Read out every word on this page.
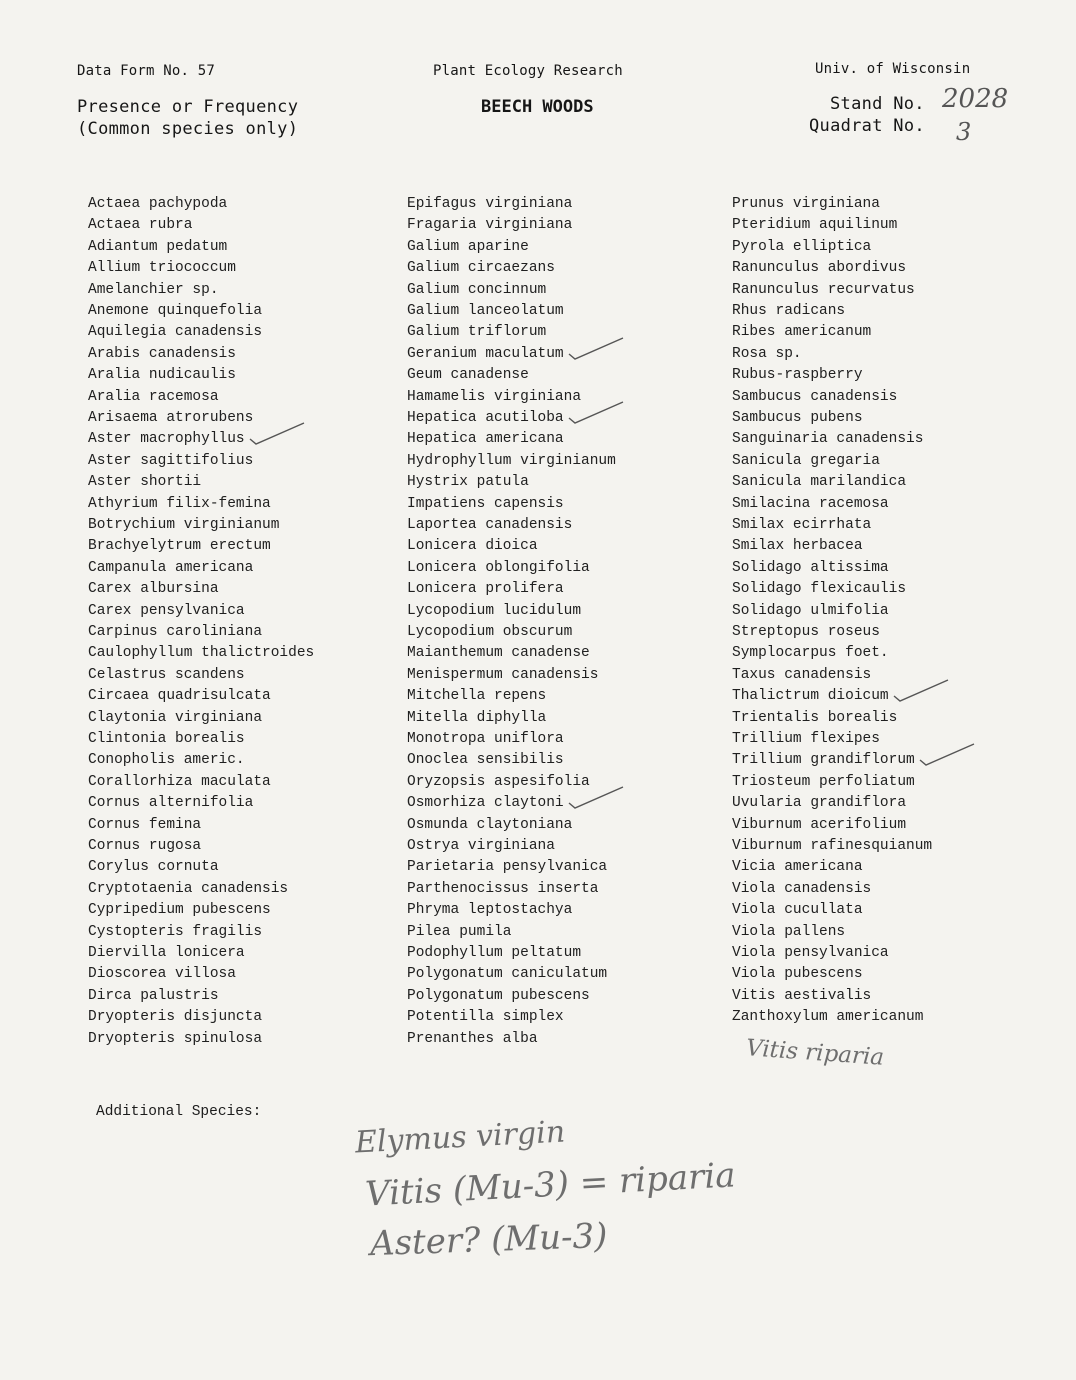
Data Form No. 57	Plant Ecology Research	Univ. of Wisconsin
Presence or Frequency
(Common species only)
BEECH WOODS	Stand No. 2028
Quadrat No. 3
Actaea pachypoda
Actaea rubra
Adiantum pedatum
Allium triococcum
Amelanchier sp.
Anemone quinquefolia
Aquilegia canadensis
Arabis canadensis
Aralia nudicaulis
Aralia racemosa
Arisaema atrorubens
Aster macrophyllus
Aster sagittifolius
Aster shortii
Athyrium filix-femina
Botrychium virginianum
Brachyelytrum erectum
Campanula americana
Carex albursina
Carex pensylvanica
Carpinus caroliniana
Caulophyllum thalictroides
Celastrus scandens
Circaea quadrisulcata
Claytonia virginiana
Clintonia borealis
Conopholis americ.
Corallorhiza maculata
Cornus alternifolia
Cornus femina
Cornus rugosa
Corylus cornuta
Cryptotaenia canadensis
Cypripedium pubescens
Cystopteris fragilis
Diervilla lonicera
Dioscorea villosa
Dirca palustris
Dryopteris disjuncta
Dryopteris spinulosa
Epifagus virginiana
Fragaria virginiana
Galium aparine
Galium circaezans
Galium concinnum
Galium lanceolatum
Galium triflorum
Geranium maculatum
Geum canadense
Hamamelis virginiana
Hepatica acutiloba
Hepatica americana
Hydrophyllum virginianum
Hystrix patula
Impatiens capensis
Laportea canadensis
Lonicera dioica
Lonicera oblongifolia
Lonicera prolifera
Lycopodium lucidulum
Lycopodium obscurum
Maianthemum canadense
Menispermum canadensis
Mitchella repens
Mitella diphylla
Monotropa uniflora
Onoclea sensibilis
Oryzopsis aspesifolia
Osmorhiza claytoni
Osmunda claytoniana
Ostrya virginiana
Parietaria pensylvanica
Parthenocissus inserta
Phryma leptostachya
Pilea pumila
Podophyllum peltatum
Polygonatum caniculatum
Polygonatum pubescens
Potentilla simplex
Prenanthes alba
Prunus virginiana
Pteridium aquilinum
Pyrola elliptica
Ranunculus abordivus
Ranunculus recurvatus
Rhus radicans
Ribes americanum
Rosa sp.
Rubus-raspberry
Sambucus canadensis
Sambucus pubens
Sanguinaria canadensis
Sanicula gregaria
Sanicula marilandica
Smilacina racemosa
Smilax ecirrhata
Smilax herbacea
Solidago altissima
Solidago flexicaulis
Solidago ulmifolia
Streptopus roseus
Symplocarpus foet.
Taxus canadensis
Thalictrum dioicum
Trientalis borealis
Trillium flexipes
Trillium grandiflorum
Triosteum perfoliatum
Uvularia grandiflora
Viburnum acerifolium
Viburnum rafinesquianum
Vicia americana
Viola canadensis
Viola cucullata
Viola pallens
Viola pensylvanica
Viola pubescens
Vitis aestivalis
Zanthoxylum americanum
Vitis riparia
Additional Species:
Elymus virgin
Vitis (Mu-3) = riparia
Aster? (Mu-3)
